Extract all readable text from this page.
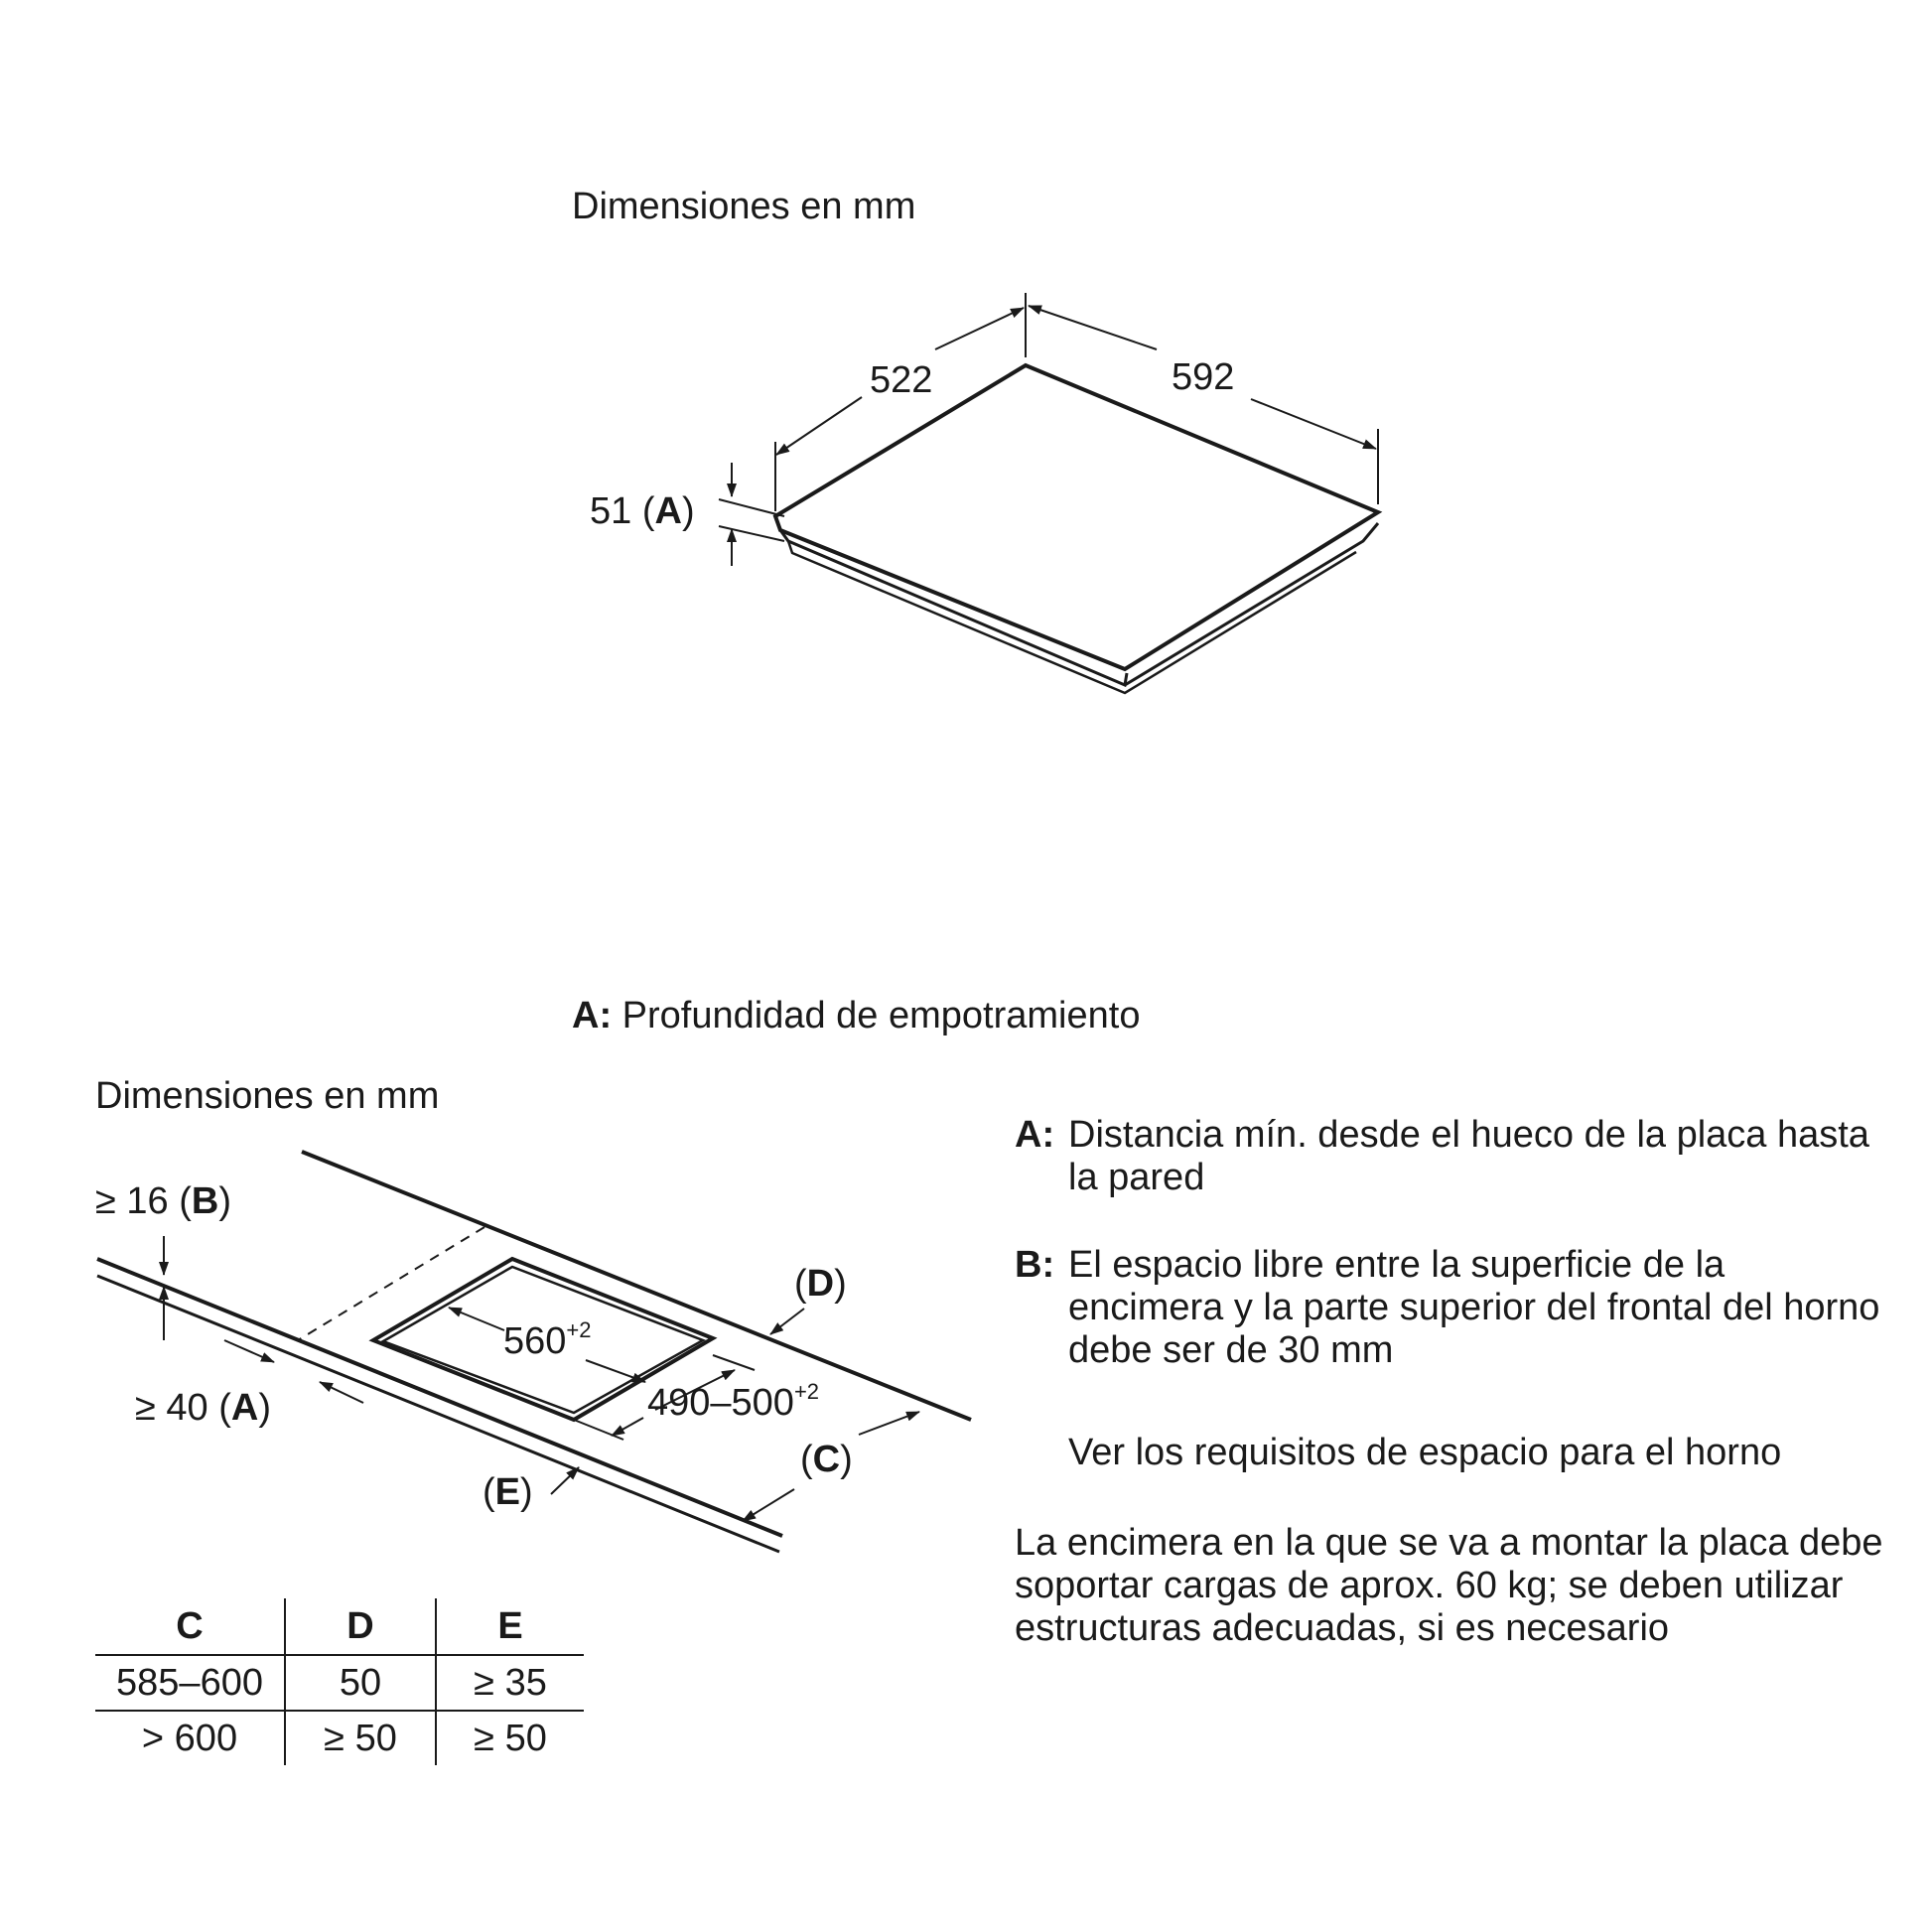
Dimensiones en mm
522	592
51 (A)
A: Profundidad de empotramiento
Dimensiones en mm
≥ 16 (B)
≥ 40 (A)
$560^{+2}$
$490-500^{+2}$
(D)
(C)
(E)
A: Distancia mín. desde el hueco de la placa hasta la pared
B: El espacio libre entre la superficie de la encimera y la parte superior del frontal del horno debe ser de 30 mm
Ver los requisitos de espacio para el horno
La encimera en la que se va a montar la placa debe soportar cargas de aprox. 60 kg; se deben utilizar estructuras adecuadas, si es necesario
C	D	E
585–600	50	≥ 35
> 600	≥ 50	≥ 50
